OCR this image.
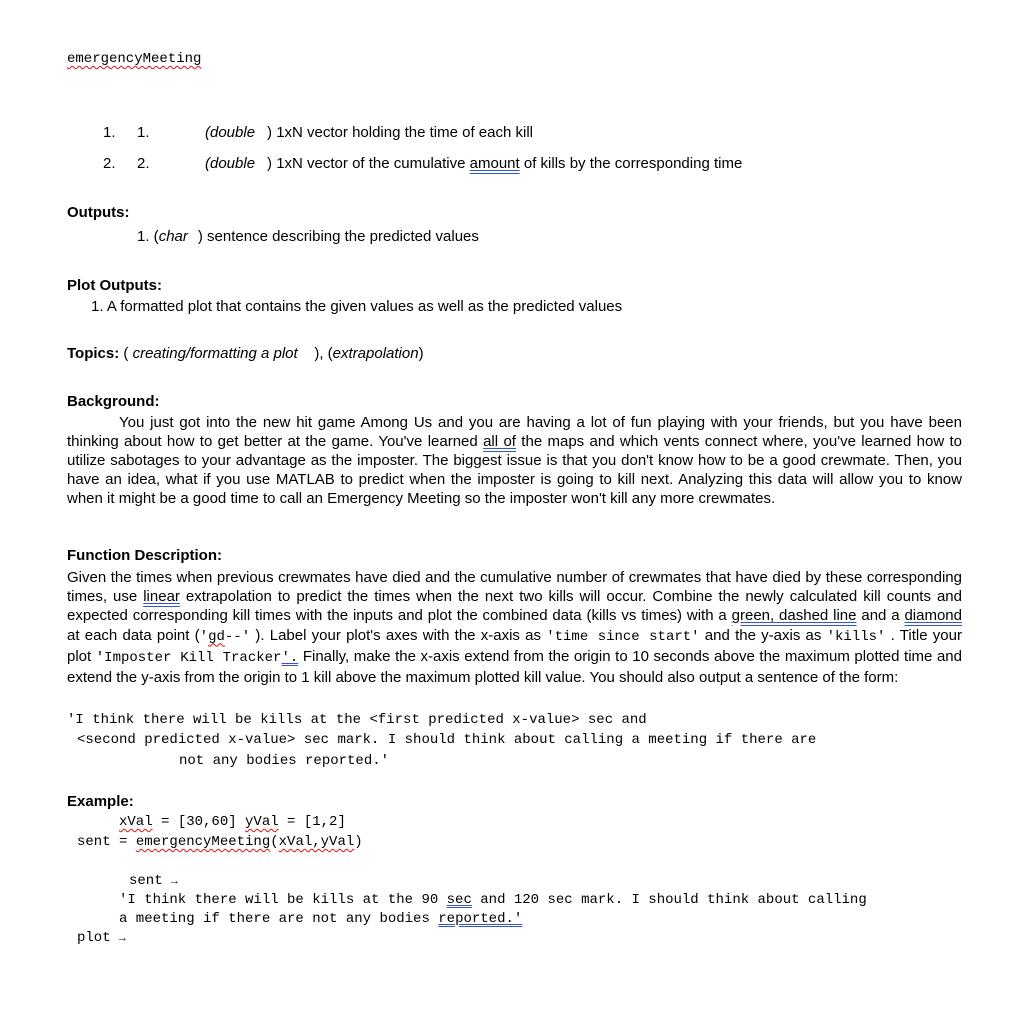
emergencyMeeting
1. 1.	(double ) 1xN vector holding the time of each kill
2. 2.	(double ) 1xN vector of the cumulative amount of kills by the corresponding time
Outputs:
1. (char ) sentence describing the predicted values
Plot Outputs:
1. A formatted plot that contains the given values as well as the predicted values
Topics: ( creating/formatting a plot    ), (extrapolation)
Background:
You just got into the new hit game Among Us and you are having a lot of fun playing with your friends, but you have been thinking about how to get better at the game. You've learned all of the maps and which vents connect where, you've learned how to utilize sabotages to your advantage as the imposter. The biggest issue is that you don't know how to be a good crewmate. Then, you have an idea, what if you use MATLAB to predict when the imposter is going to kill next. Analyzing this data will allow you to know when it might be a good time to call an Emergency Meeting so the imposter won't kill any more crewmates.
Function Description:
Given the times when previous crewmates have died and the cumulative number of crewmates that have died by these corresponding times, use linear extrapolation to predict the times when the next two kills will occur. Combine the newly calculated kill counts and expected corresponding kill times with the inputs and plot the combined data (kills vs times) with a green, dashed line and a diamond at each data point ('gd--' ). Label your plot's axes with the x-axis as 'time since start' and the y-axis as 'kills' . Title your plot 'Imposter Kill Tracker'. Finally, make the x-axis extend from the origin to 10 seconds above the maximum plotted time and extend the y-axis from the origin to 1 kill above the maximum plotted kill value. You should also output a sentence of the form:
'I think there will be kills at the <first predicted x-value> sec and
<second predicted x-value> sec mark. I should think about calling a meeting if there are
not any bodies reported.'
Example:
xVal = [30,60] yVal = [1,2]
sent = emergencyMeeting(xVal,yVal)
sent →
'I think there will be kills at the 90 sec and 120 sec mark. I should think about calling
a meeting if there are not any bodies reported.'
plot →
